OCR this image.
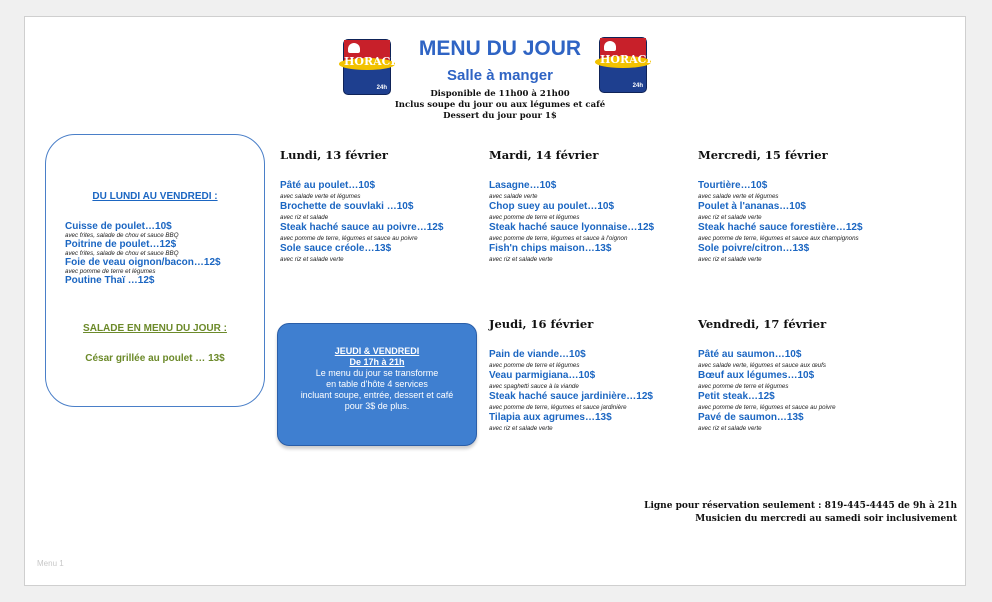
HORACE
24h
HORACE
24h
MENU DU JOUR
Salle à manger
Disponible de 11h00 à 21h00
Inclus soupe du jour ou aux légumes et café
Dessert du jour pour 1$
DU LUNDI AU VENDREDI :
Cuisse de poulet…10$
avec frites, salade de chou et sauce BBQ
Poitrine de poulet…12$
avec frites, salade de chou et sauce BBQ
Foie de veau oignon/bacon…12$
avec pomme de terre et légumes
Poutine Thaï …12$
SALADE EN MENU DU JOUR :
César grillée au poulet … 13$
JEUDI & VENDREDI
De 17h à 21h
Le menu du jour se transforme
en table d'hôte 4 services
incluant soupe, entrée, dessert et café
pour 3$ de plus.
Lundi, 13 février
Pâté au poulet…10$
avec salade verte et légumes
Brochette de souvlaki …10$
avec riz et salade
Steak haché sauce au poivre…12$
avec pomme de terre, légumes et sauce au poivre
Sole sauce créole…13$
avec riz et salade verte
Mardi, 14 février
Lasagne…10$
avec salade verte
Chop suey au poulet…10$
avec pomme de terre et légumes
Steak haché sauce lyonnaise…12$
avec pomme de terre, légumes et sauce à l'oignon
Fish'n chips maison…13$
avec riz et salade verte
Mercredi, 15 février
Tourtière…10$
avec salade verte et légumes
Poulet à l'ananas…10$
avec riz et salade verte
Steak haché sauce forestière…12$
avec pomme de terre, légumes et sauce aux champignons
Sole poivre/citron…13$
avec riz et salade verte
Jeudi, 16 février
Pain de viande…10$
avec pomme de terre et légumes
Veau parmigiana…10$
avec spaghetti sauce à la viande
Steak haché sauce jardinière…12$
avec pomme de terre, légumes et sauce jardinière
Tilapia aux agrumes…13$
avec riz et salade verte
Vendredi, 17 février
Pâté au saumon…10$
avec salade verte, légumes et sauce aux œufs
Bœuf aux légumes…10$
avec pomme de terre et légumes
Petit steak…12$
avec pomme de terre, légumes et sauce au poivre
Pavé de saumon…13$
avec riz et salade verte
Ligne pour réservation seulement : 819-445-4445 de 9h à 21h
Musicien du mercredi au samedi soir inclusivement
Menu 1
